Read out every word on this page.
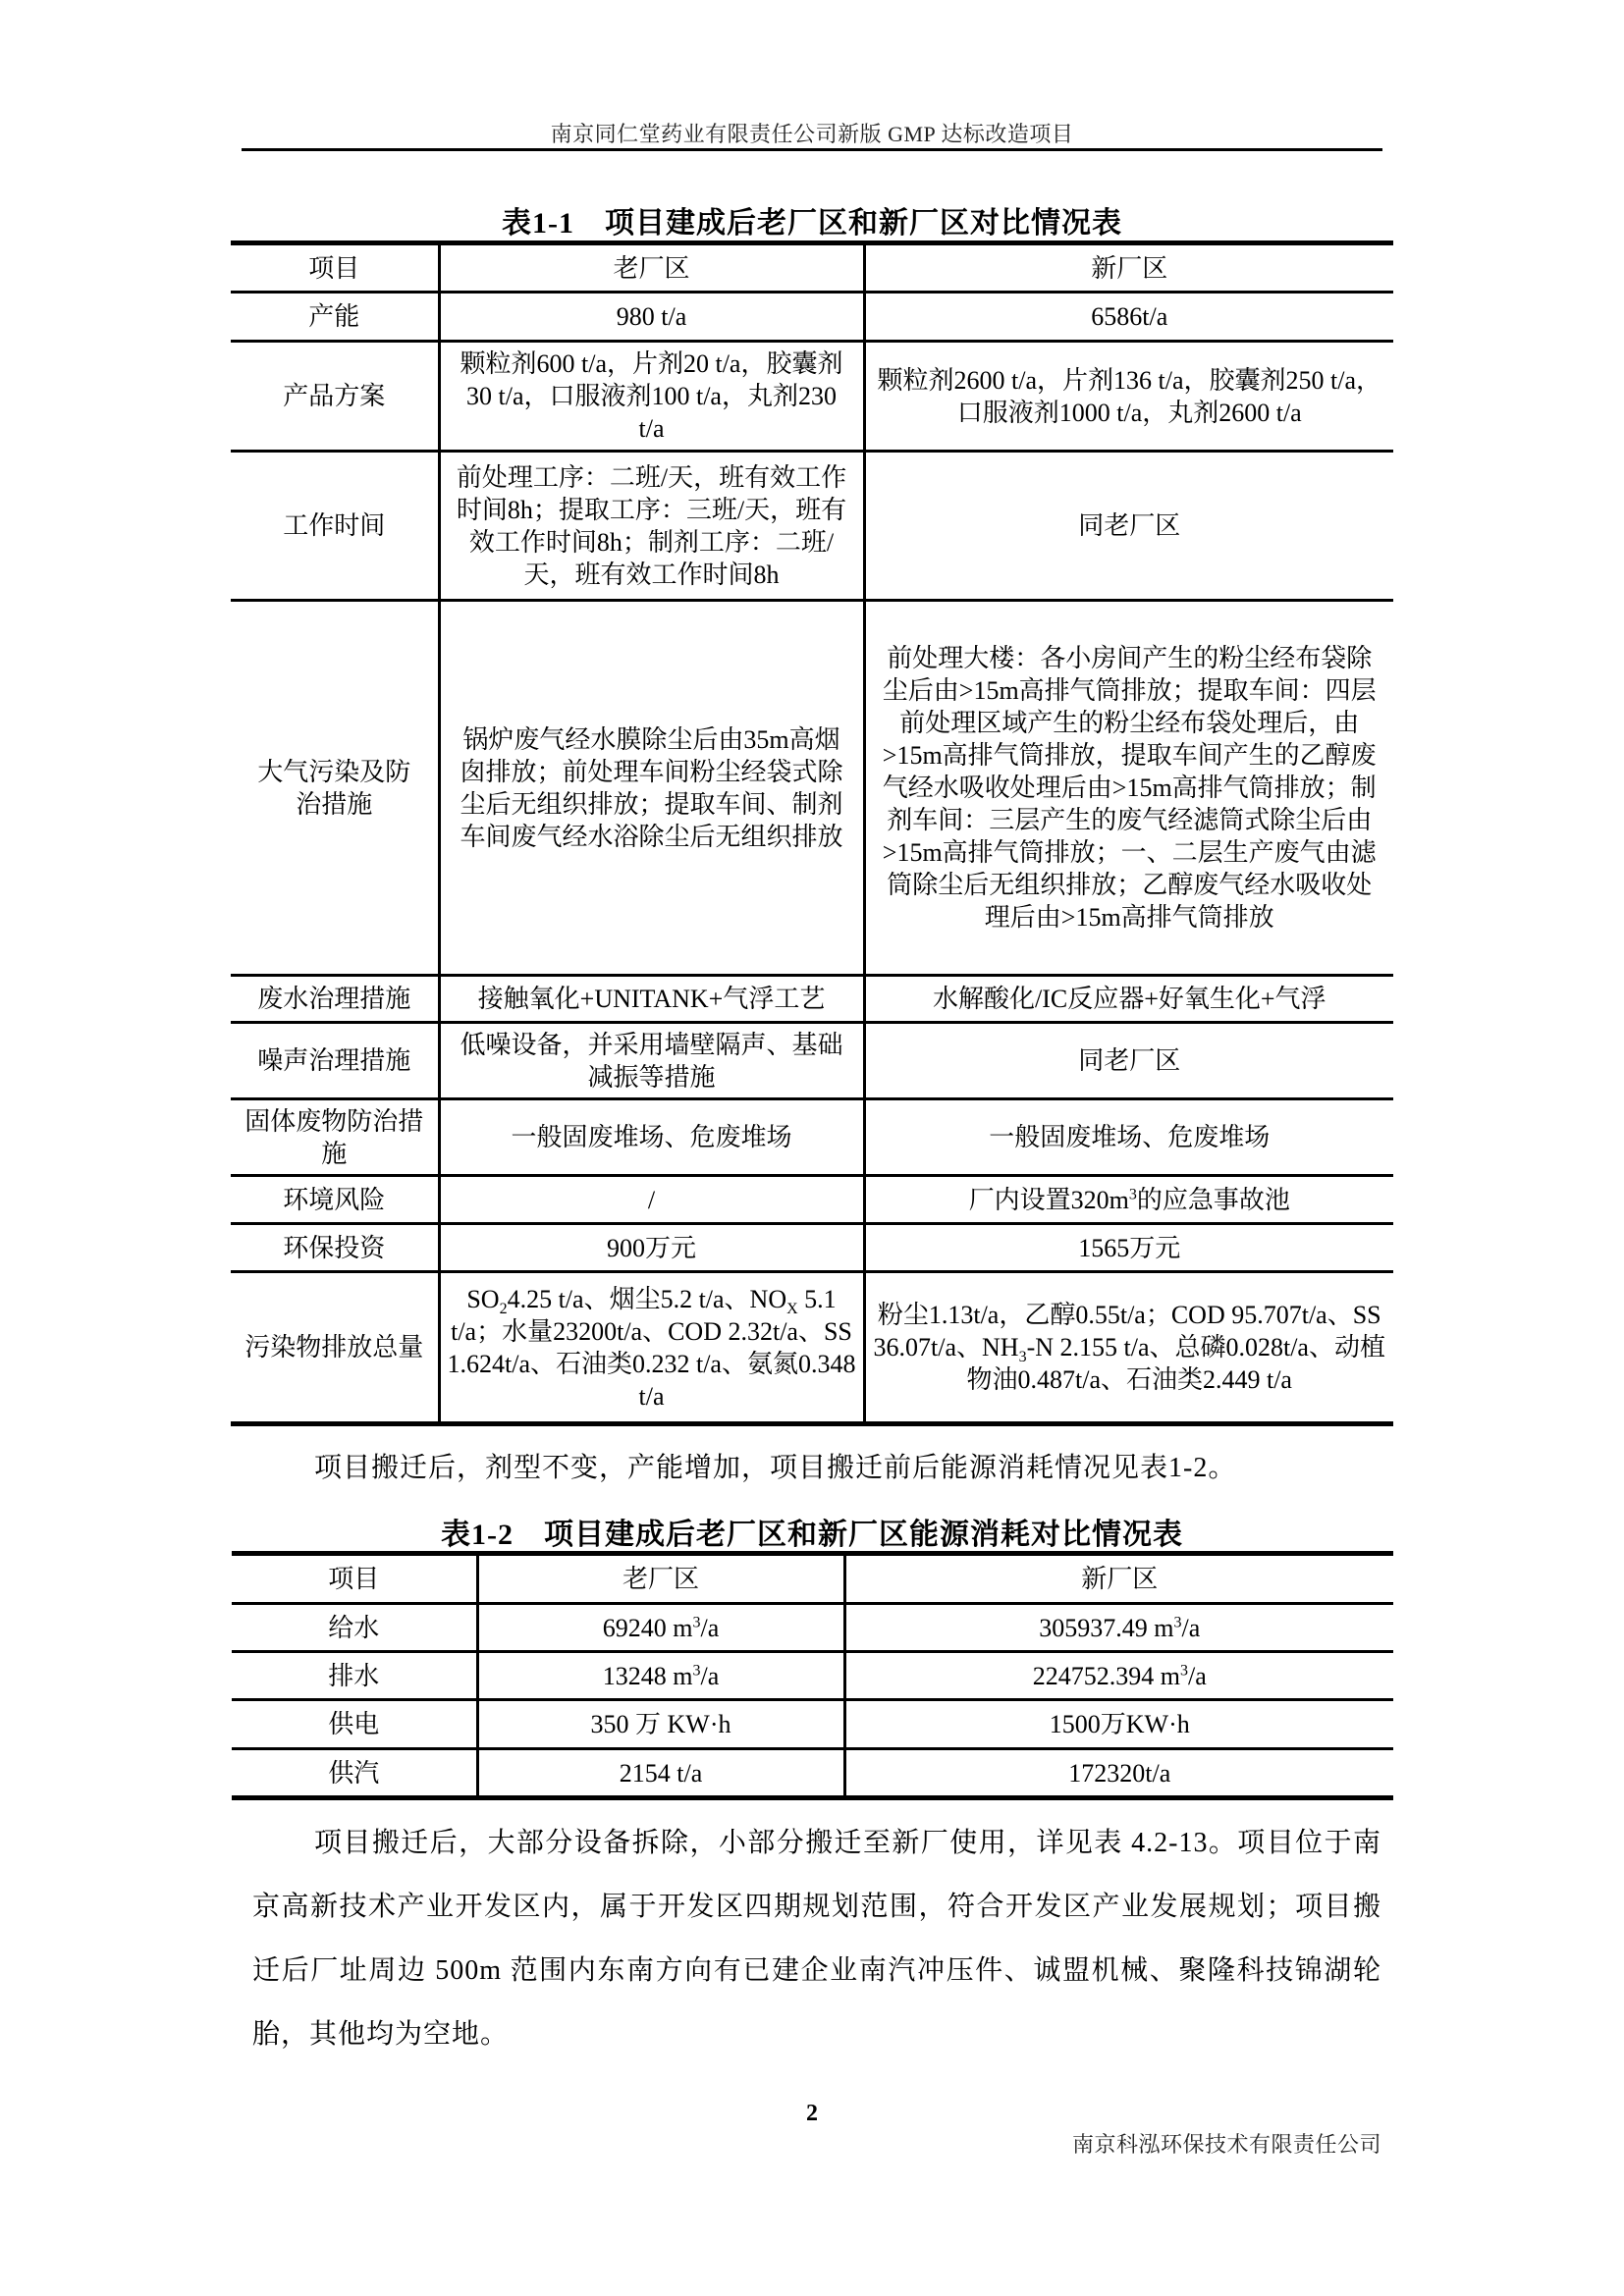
南京同仁堂药业有限责任公司新版 GMP 达标改造项目
表1-1　项目建成后老厂区和新厂区对比情况表
项目	老厂区	新厂区
产能	980 t/a	6586t/a
产品方案	颗粒剂600 t/a，片剂20 t/a，胶囊剂30 t/a，口服液剂100 t/a，丸剂230 t/a	颗粒剂2600 t/a，片剂136 t/a，胶囊剂250 t/a，口服液剂1000 t/a，丸剂2600 t/a
工作时间	前处理工序：二班/天，班有效工作时间8h；提取工序：三班/天，班有效工作时间8h；制剂工序：二班/天，班有效工作时间8h	同老厂区
大气污染及防治措施	锅炉废气经水膜除尘后由35m高烟囱排放；前处理车间粉尘经袋式除尘后无组织排放；提取车间、制剂车间废气经水浴除尘后无组织排放	前处理大楼：各小房间产生的粉尘经布袋除尘后由>15m高排气筒排放；提取车间：四层前处理区域产生的粉尘经布袋处理后，由>15m高排气筒排放，提取车间产生的乙醇废气经水吸收处理后由>15m高排气筒排放；制剂车间：三层产生的废气经滤筒式除尘后由>15m高排气筒排放；一、二层生产废气由滤筒除尘后无组织排放；乙醇废气经水吸收处理后由>15m高排气筒排放
废水治理措施	接触氧化+UNITANK+气浮工艺	水解酸化/IC反应器+好氧生化+气浮
噪声治理措施	低噪设备，并采用墙壁隔声、基础减振等措施	同老厂区
固体废物防治措施	一般固废堆场、危废堆场	一般固废堆场、危废堆场
环境风险	/	厂内设置$320m^3$的应急事故池
环保投资	900万元	1565万元
污染物排放总量	$SO_24.25$ t/a、烟尘5.2 t/a、$NO_X$ 5.1 t/a；水量23200t/a、COD 2.32t/a、SS 1.624t/a、石油类0.232 t/a、氨氮0.348 t/a	粉尘1.13t/a，乙醇0.55t/a；COD 95.707t/a、SS 36.07t/a、$NH_3-N$ 2.155 t/a、总磷0.028t/a、动植物油0.487t/a、石油类2.449 t/a
项目搬迁后，剂型不变，产能增加，项目搬迁前后能源消耗情况见表1-2。
表1-2　项目建成后老厂区和新厂区能源消耗对比情况表
项目	老厂区	新厂区
给水	69240 $m^3/a$	305937.49 $m^3/a$
排水	13248 $m^3/a$	224752.394 $m^3/a$
供电	350 万 KW·h	1500万KW·h
供汽	2154 t/a	172320t/a
项目搬迁后，大部分设备拆除，小部分搬迁至新厂使用，详见表 4.2-13。项目位于南京高新技术产业开发区内，属于开发区四期规划范围，符合开发区产业发展规划；项目搬迁后厂址周边 500m 范围内东南方向有已建企业南汽冲压件、诚盟机械、聚隆科技锦湖轮胎，其他均为空地。
2
南京科泓环保技术有限责任公司
